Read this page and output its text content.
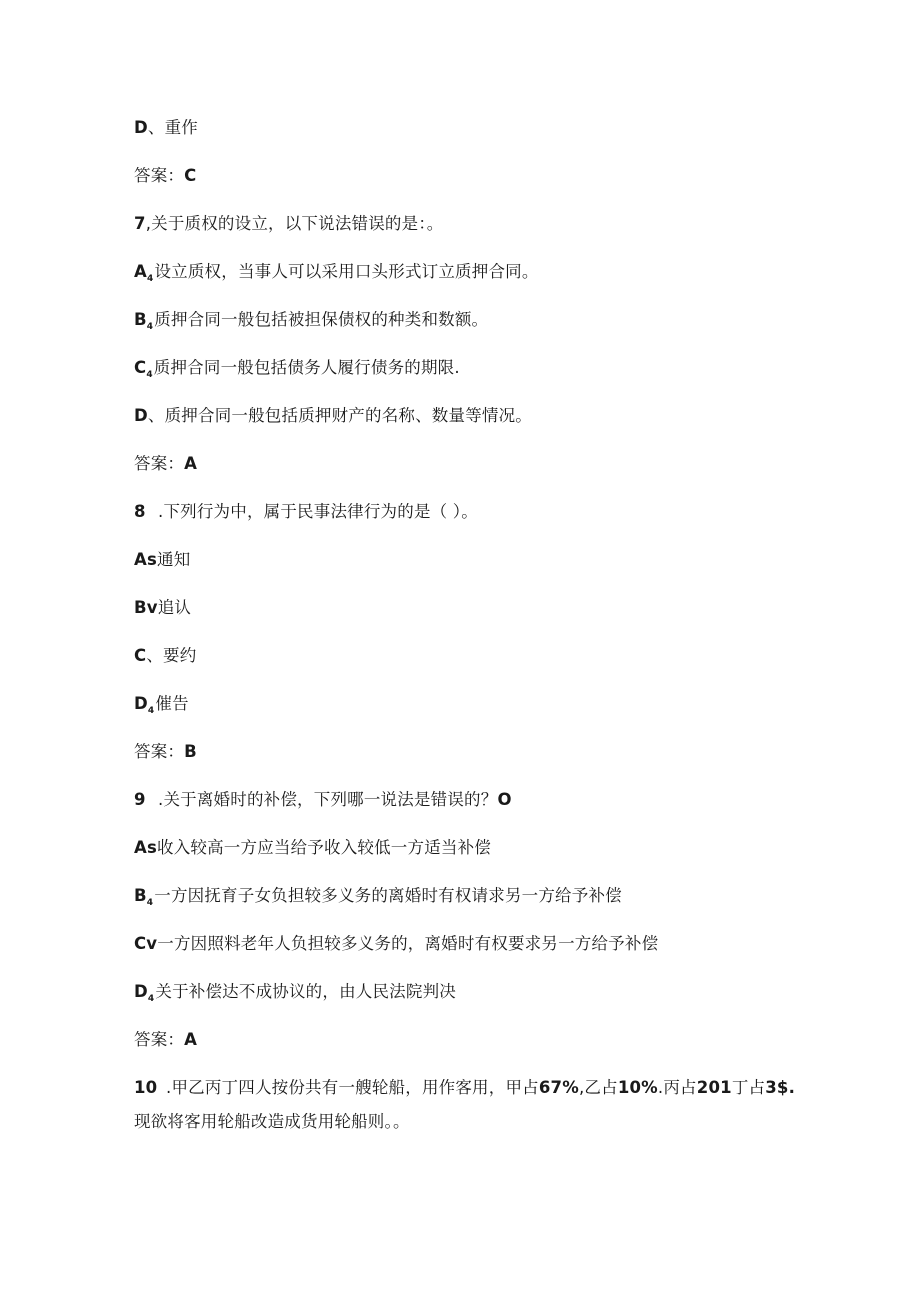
D、重作
答案：C
7,关于质权的设立，以下说法错误的是：。
$A_4$设立质权，当事人可以采用口头形式订立质押合同。
$B_4$质押合同一般包括被担保债权的种类和数额。
$C_4$质押合同一般包括债务人履行债务的期限.
D、质押合同一般包括质押财产的名称、数量等情况。
答案：A
8 .下列行为中，属于民事法律行为的是（ ）。
As通知
Bv追认
C、要约
$D_4$催告
答案：B
9 .关于离婚时的补偿，下列哪一说法是错误的？O
As收入较高一方应当给予收入较低一方适当补偿
$B_4$一方因抚育子女负担较多义务的离婚时有权请求另一方给予补偿
Cv一方因照料老年人负担较多义务的，离婚时有权要求另一方给予补偿
$D_4$关于补偿达不成协议的，由人民法院判决
答案：A
10 .甲乙丙丁四人按份共有一艘轮船，用作客用，甲占67%,乙占10%.丙占201丁占3$.
现欲将客用轮船改造成货用轮船则。。
